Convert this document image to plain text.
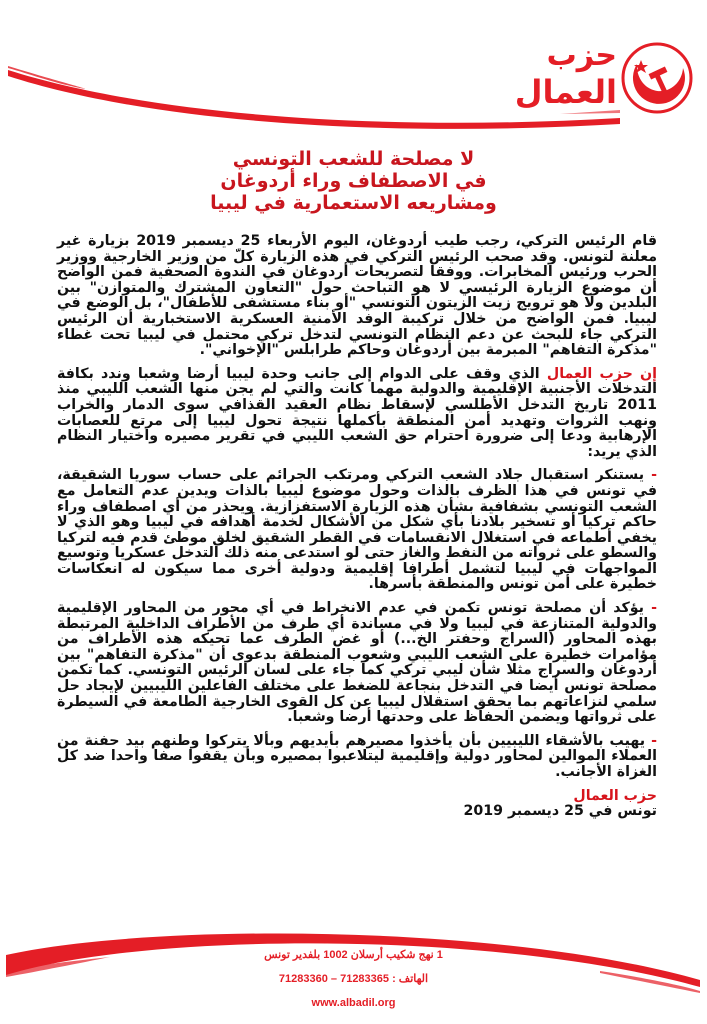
حزب
العمال
لا مصلحة للشعب التونسي
في الاصطفاف وراء أردوغان
ومشاريعه الاستعمارية في ليبيا

قام الرئيس التركي، رجب طيب أردوغان، اليوم الأربعاء 25 ديسمبر 2019 بزيارة غير معلنة لتونس. وقد صحب الرئيس التركي في هذه الزيارة كلّ من وزير الخارجية ووزير الحرب ورئيس المخابرات. ووفقا لتصريحات أردوغان في الندوة الصحفية فمن الواضح أن موضوع الزيارة الرئيسي لا هو التباحث حول "التعاون المشترك والمتوازن" بين البلدين ولا هو ترويج زيت الزيتون التونسي "أو بناء مستشفى للأطفال"، بل الوضع في ليبيا. فمن الواضح من خلال تركيبة الوفد الأمنية العسكرية الاستخبارية أن الرئيس التركي جاء للبحث عن دعم النظام التونسي لتدخل تركي محتمل في ليبيا تحت غطاء "مذكرة التفاهم" المبرمة بين أردوغان وحاكم طرابلس "الإخواني".

إن حزب العمال الذي وقف على الدوام إلى جانب وحدة ليبيا أرضا وشعبا وندد بكافة التدخلات الأجنبية الإقليمية والدولية مهما كانت والتي لم يجن منها الشعب الليبي منذ 2011 تاريخ التدخل الأطلسي لإسقاط نظام العقيد القذافي سوى الدمار والخراب ونهب الثروات وتهديد أمن المنطقة بأكملها نتيجة تحول ليبيا إلى مرتع للعصابات الإرهابية ودعا إلى ضرورة احترام حق الشعب الليبي في تقرير مصيره واختيار النظام الذي يريد:

- يستنكر استقبال جلاد الشعب التركي ومرتكب الجرائم على حساب سوريا الشقيقة، في تونس في هذا الظرف بالذات وحول موضوع ليبيا بالذات ويدين عدم التعامل مع الشعب التونسي بشفافية بشأن هذه الزيارة الاستفزازية. ويحذر من أي اصطفاف وراء حاكم تركيا أو تسخير بلادنا بأي شكل من الأشكال لخدمة أهدافه في ليبيا وهو الذي لا يخفي أطماعه في استغلال الانقسامات في القطر الشقيق لخلق موطئ قدم فيه لتركيا والسطو على ثرواته من النفط والغاز حتى لو استدعى منه ذلك التدخل عسكريا وتوسيع المواجهات في ليبيا لتشمل أطرافا إقليمية ودولية أخرى مما سيكون له انعكاسات خطيرة على أمن تونس والمنطقة بأسرها.

- يؤكد أن مصلحة تونس تكمن في عدم الانخراط في أي محور من المحاور الإقليمية والدولية المتنازعة في ليبيا ولا في مساندة أي طرف من الأطراف الداخلية المرتبطة بهذه المحاور (السراج وحفتر الخ...) أو غض الطرف عما تحيكه هذه الأطراف من مؤامرات خطيرة على الشعب الليبي وشعوب المنطقة بدعوى أن "مذكرة التفاهم" بين أردوغان والسراج مثلا شأن ليبي تركي كما جاء على لسان الرئيس التونسي. كما تكمن مصلحة تونس أيضا في التدخل بنجاعة للضغط على مختلف الفاعلين الليبيين لإيجاد حل سلمي لنزاعاتهم بما يحقق استقلال ليبيا عن كل القوى الخارجية الطامعة في السيطرة على ثرواتها ويضمن الحفاظ على وحدتها أرضا وشعبا.

- يهيب بالأشقاء الليبيين بأن يأخذوا مصيرهم بأيديهم وبألا يتركوا وطنهم بيد حفنة من العملاء الموالين لمحاور دولية وإقليمية ليتلاعبوا بمصيره وبأن يقفوا صفا واحدا ضد كل الغزاة الأجانب.

حزب العمال
تونس في 25 ديسمبر 2019
1 نهج شكيب أرسلان 1002 بلفدير تونس
الهاتف : 71283365 – 71283360
www.albadil.org
